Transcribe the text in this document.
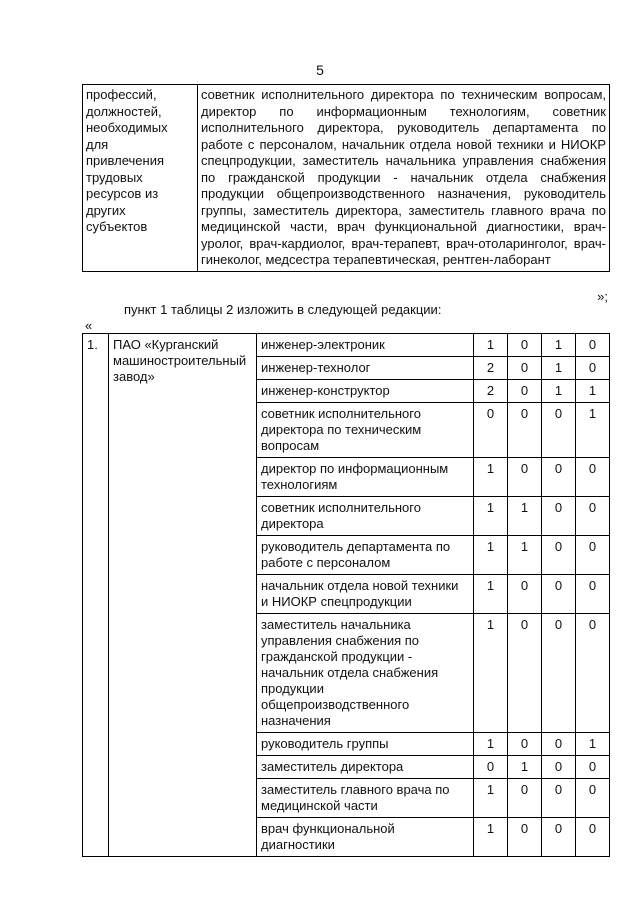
5
профессий,
должностей,
необходимых
для
привлечения
трудовых
ресурсов из
других
субъектов	советник исполнительного директора по техническим вопросам, директор по информационным технологиям, советник исполнительного директора, руководитель департамента по работе с персоналом, начальник отдела новой техники и НИОКР спецпродукции, заместитель начальника управления снабжения по гражданской продукции - начальник отдела снабжения продукции общепроизводственного назначения, руководитель группы, заместитель директора, заместитель главного врача по медицинской части, врач функциональной диагностики, врач-уролог, врач-кардиолог, врач-терапевт, врач-отоларинголог, врач-гинеколог, медсестра терапевтическая, рентген-лаборант
»;
пункт 1 таблицы 2 изложить в следующей редакции:
«
1.	ПАО «Курганский машиностроительный завод»	инженер-электроник	1	0	1	0
		инженер-технолог	2	0	1	0
		инженер-конструктор	2	0	1	1
		советник исполнительного директора по техническим вопросам	0	0	0	1
		директор по информационным технологиям	1	0	0	0
		советник исполнительного директора	1	1	0	0
		руководитель департамента по работе с персоналом	1	1	0	0
		начальник отдела новой техники и НИОКР спецпродукции	1	0	0	0
		заместитель начальника управления снабжения по гражданской продукции - начальник отдела снабжения продукции общепроизводственного назначения	1	0	0	0
		руководитель группы	1	0	0	1
		заместитель директора	0	1	0	0
		заместитель главного врача по медицинской части	1	0	0	0
		врач функциональной диагностики	1	0	0	0
